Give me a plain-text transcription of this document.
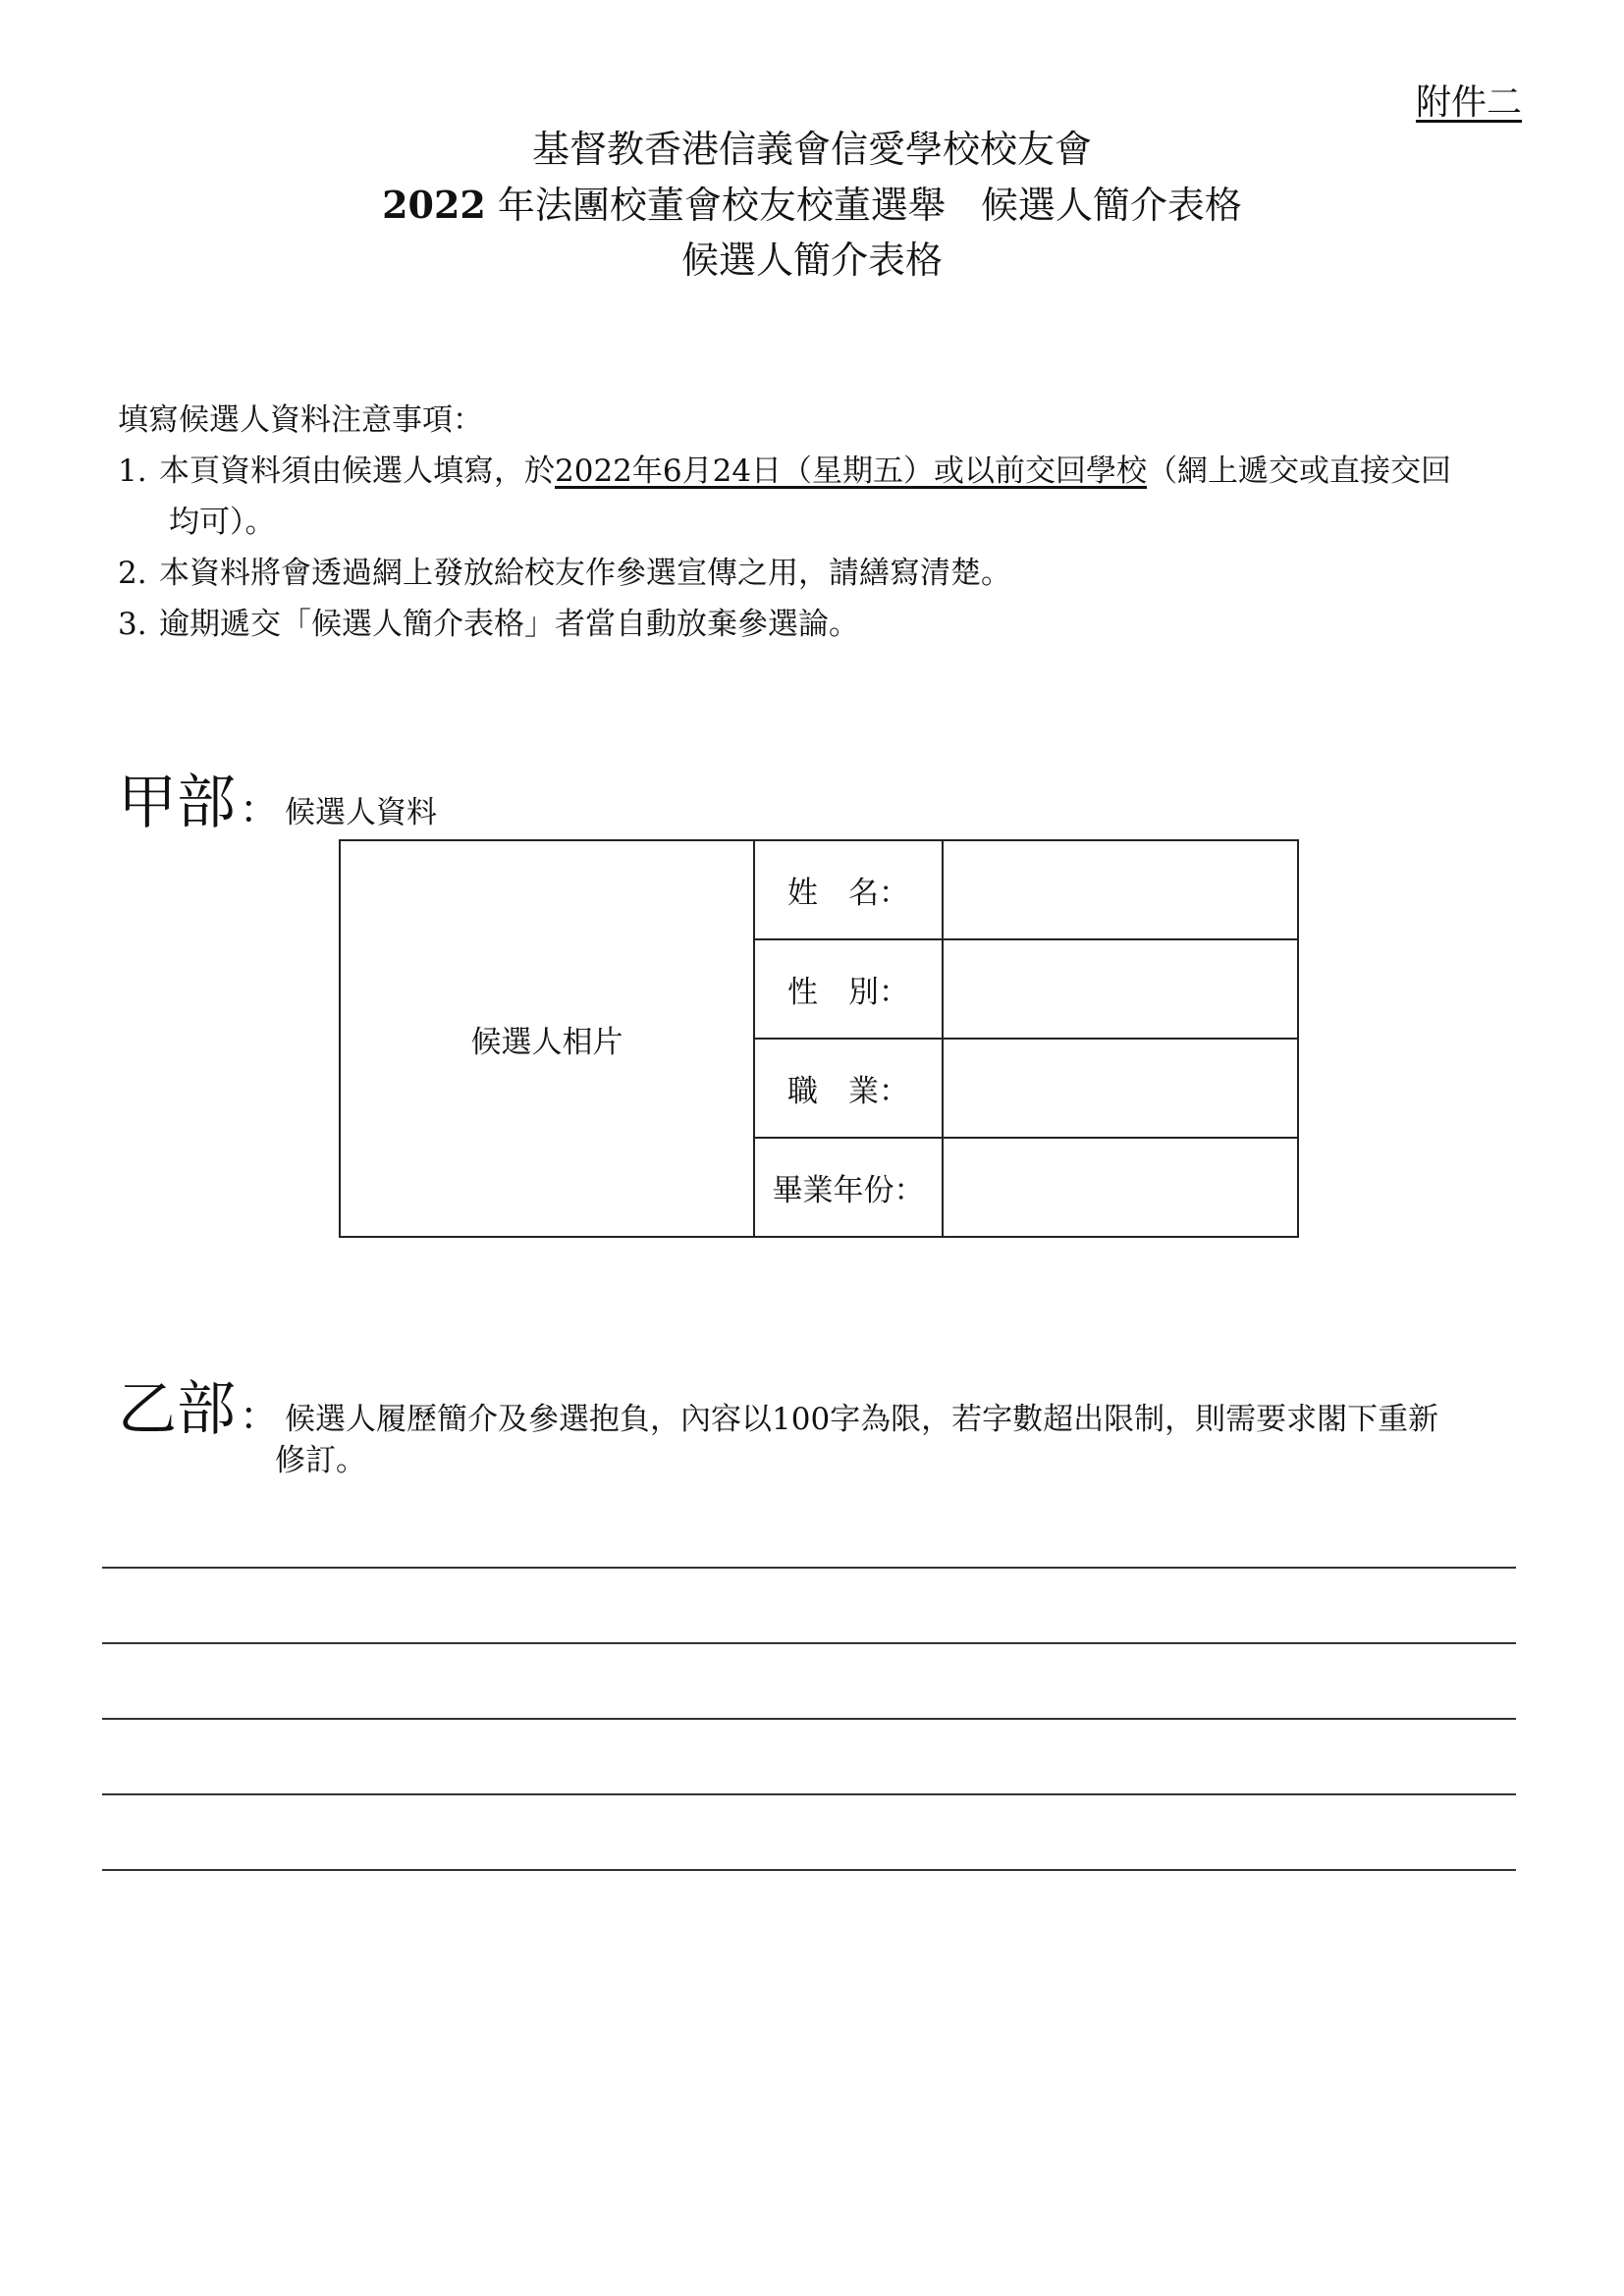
附件二
基督教香港信義會信愛學校校友會
2022 年法團校董會校友校董選舉 候選人簡介表格
候選人簡介表格
填寫候選人資料注意事項：
1. 本頁資料須由候選人填寫，於2022年6月24日（星期五）或以前交回學校（網上遞交或直接交回
均可）。
2. 本資料將會透過網上發放給校友作參選宣傳之用，請繕寫清楚。
3. 逾期遞交「候選人簡介表格」者當自動放棄參選論。
甲部 ： 候選人資料
候選人相片	姓　名：	
	性　別：	
	職　業：	
	畢業年份：	
乙部 ： 候選人履歷簡介及參選抱負，內容以100字為限，若字數超出限制，則需要求閣下重新
修訂。
